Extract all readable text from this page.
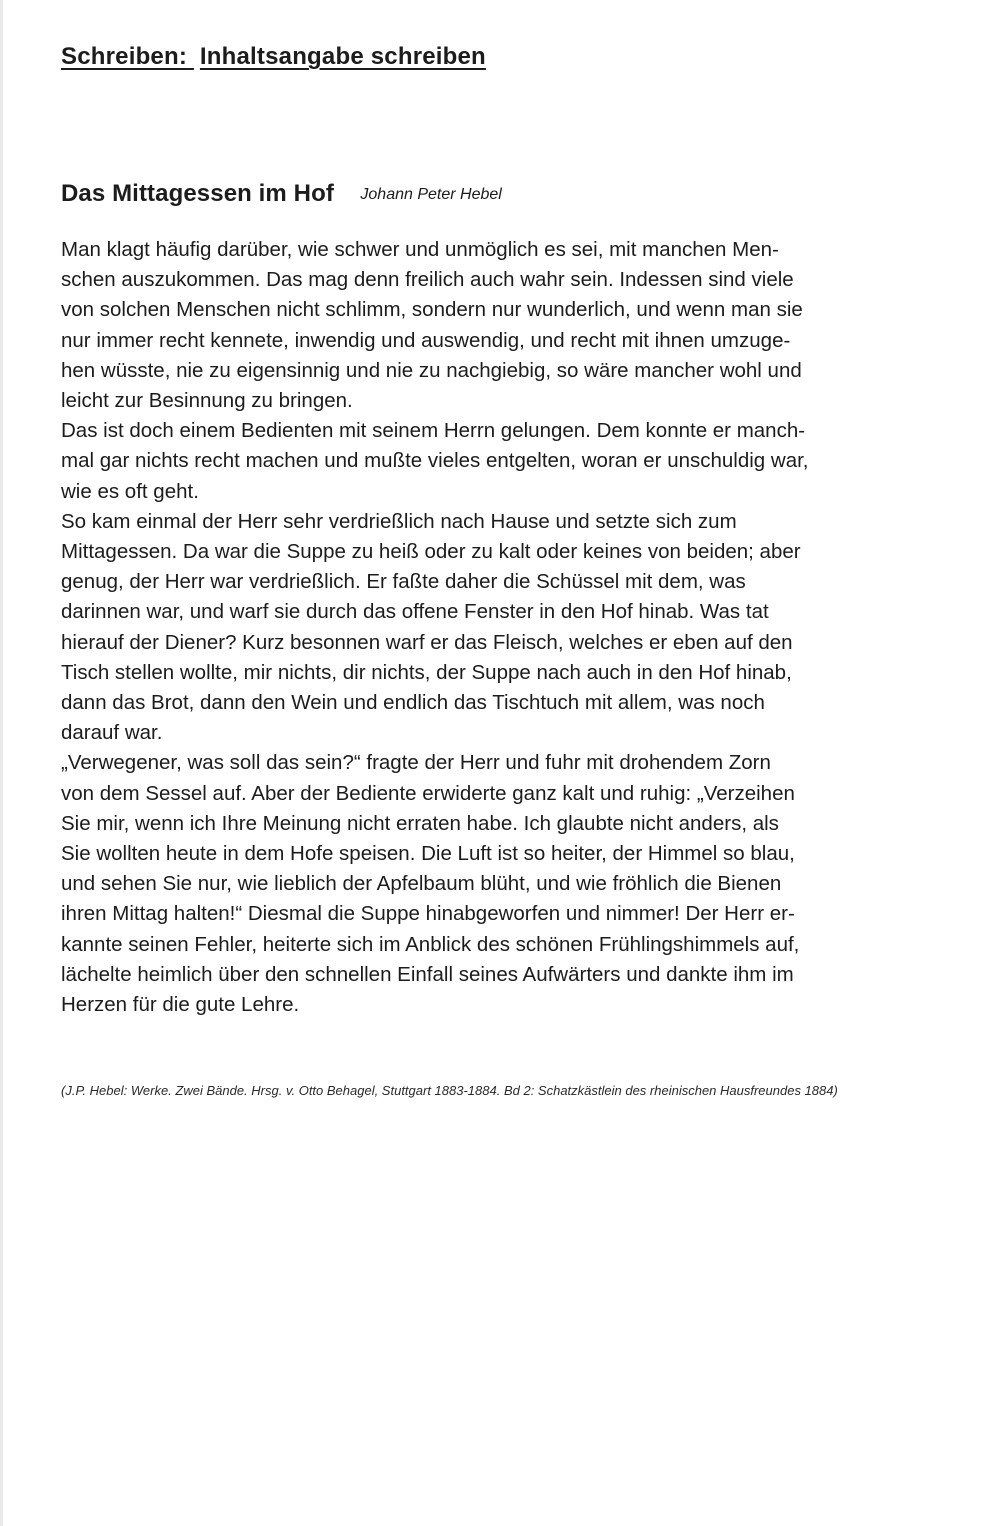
Schreiben: Inhaltsangabe schreiben
Das Mittagessen im Hof Johann Peter Hebel
Man klagt häufig darüber, wie schwer und unmöglich es sei, mit manchen Men-
schen auszukommen. Das mag denn freilich auch wahr sein. Indessen sind viele
von solchen Menschen nicht schlimm, sondern nur wunderlich, und wenn man sie
nur immer recht kennete, inwendig und auswendig, und recht mit ihnen umzuge-
hen wüsste, nie zu eigensinnig und nie zu nachgiebig, so wäre mancher wohl und
leicht zur Besinnung zu bringen.
Das ist doch einem Bedienten mit seinem Herrn gelungen. Dem konnte er manch-
mal gar nichts recht machen und mußte vieles entgelten, woran er unschuldig war,
wie es oft geht.
So kam einmal der Herr sehr verdrießlich nach Hause und setzte sich zum
Mittagessen. Da war die Suppe zu heiß oder zu kalt oder keines von beiden; aber
genug, der Herr war verdrießlich. Er faßte daher die Schüssel mit dem, was
darinnen war, und warf sie durch das offene Fenster in den Hof hinab. Was tat
hierauf der Diener? Kurz besonnen warf er das Fleisch, welches er eben auf den
Tisch stellen wollte, mir nichts, dir nichts, der Suppe nach auch in den Hof hinab,
dann das Brot, dann den Wein und endlich das Tischtuch mit allem, was noch
darauf war.
„Verwegener, was soll das sein?“ fragte der Herr und fuhr mit drohendem Zorn
von dem Sessel auf. Aber der Bediente erwiderte ganz kalt und ruhig: „Verzeihen
Sie mir, wenn ich Ihre Meinung nicht erraten habe. Ich glaubte nicht anders, als
Sie wollten heute in dem Hofe speisen. Die Luft ist so heiter, der Himmel so blau,
und sehen Sie nur, wie lieblich der Apfelbaum blüht, und wie fröhlich die Bienen
ihren Mittag halten!“ Diesmal die Suppe hinabgeworfen und nimmer! Der Herr er-
kannte seinen Fehler, heiterte sich im Anblick des schönen Frühlingshimmels auf,
lächelte heimlich über den schnellen Einfall seines Aufwärters und dankte ihm im
Herzen für die gute Lehre.
(J.P. Hebel: Werke. Zwei Bände. Hrsg. v. Otto Behagel, Stuttgart 1883-1884. Bd 2: Schatzkästlein des rheinischen Hausfreundes 1884)
